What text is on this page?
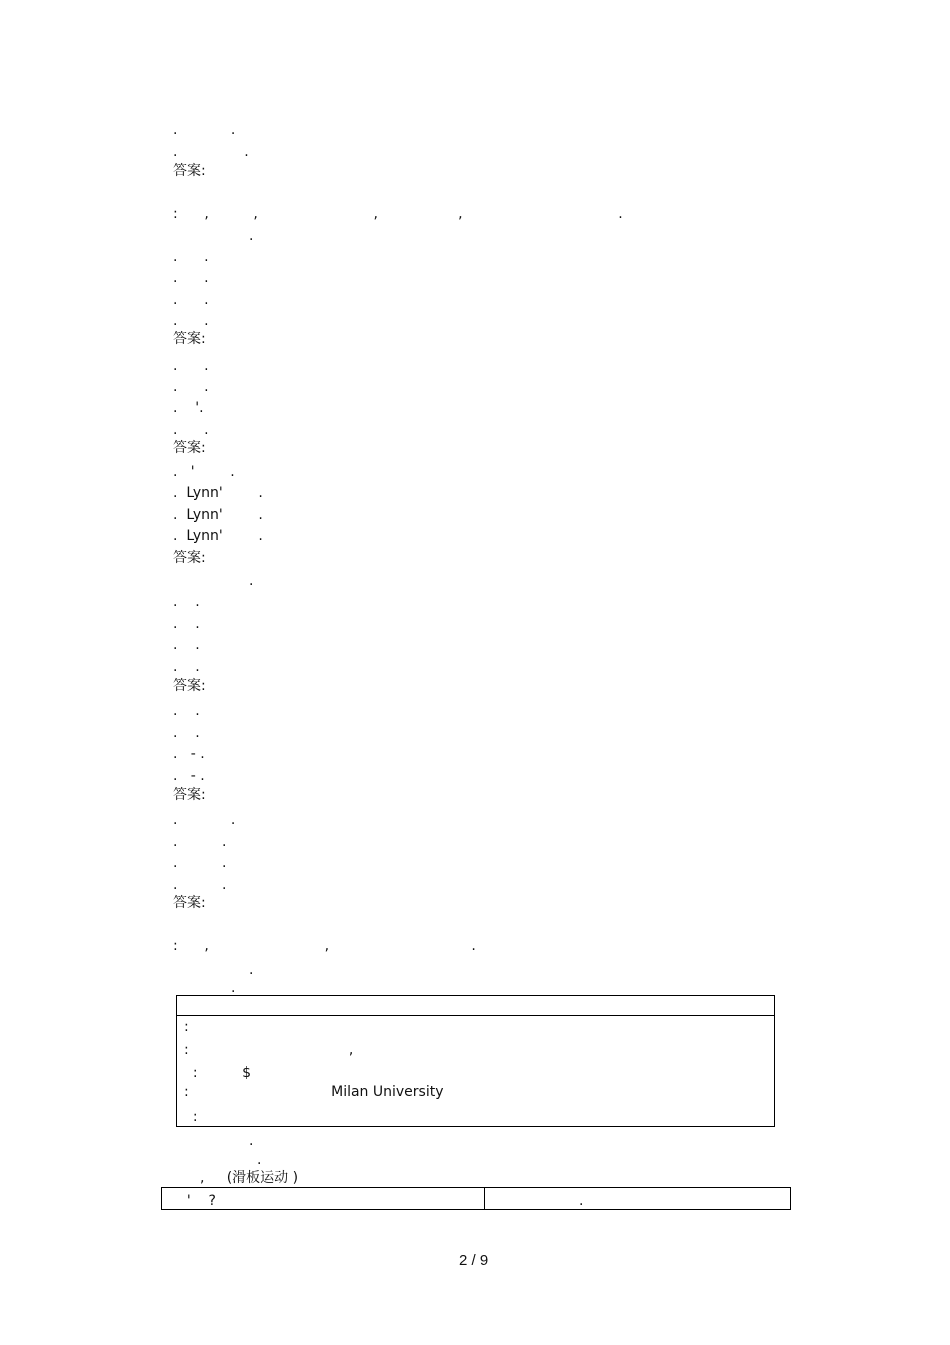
.            .
.               .
答案:
:      ,          ,                          ,                  ,                                   .
.
.      .
.      .
.      .
.      .
答案:
.      .
.      .
.    '.
.      .
答案:
.   '        .
.  Lynn'        .
.  Lynn'        .
.  Lynn'        .
答案:
.
.    .
.    .
.    .
.    .
答案:
.    .
.    .
.   - .
.   - .
答案:
.            .
.          .
.          .
.          .
答案:
:      ,                          ,                                .
.
.
:
:                                    ,
:          $
:                                Milan University
:
.
.
,     (滑板运动 )
'    ?	.
2 / 9
